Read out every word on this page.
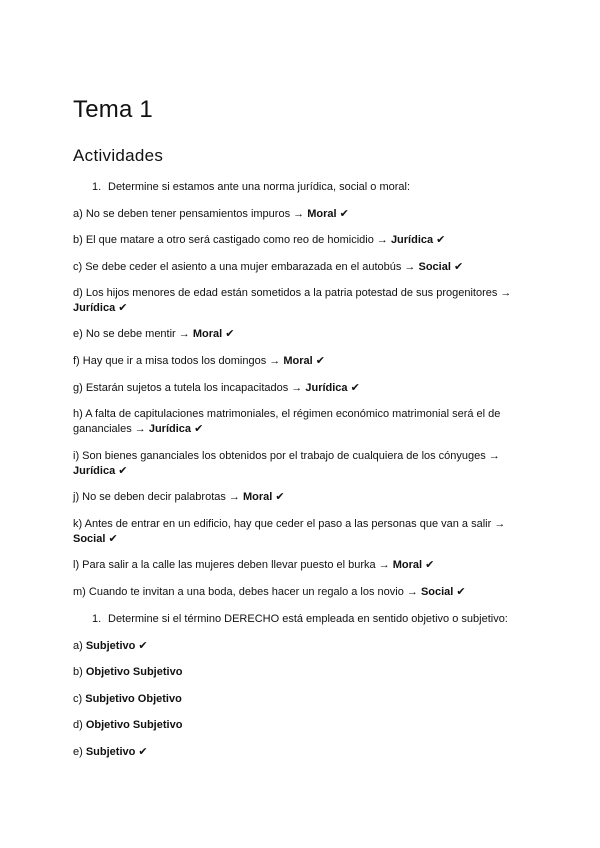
Tema 1
Actividades
1. Determine si estamos ante una norma jurídica, social o moral:
a) No se deben tener pensamientos impuros → Moral ✔
b) El que matare a otro será castigado como reo de homicidio → Jurídica ✔
c) Se debe ceder el asiento a una mujer embarazada en el autobús → Social ✔
d) Los hijos menores de edad están sometidos a la patria potestad de sus progenitores → Jurídica ✔
e) No se debe mentir → Moral ✔
f) Hay que ir a misa todos los domingos → Moral ✔
g) Estarán sujetos a tutela los incapacitados → Jurídica ✔
h) A falta de capitulaciones matrimoniales, el régimen económico matrimonial será el de gananciales → Jurídica ✔
i) Son bienes gananciales los obtenidos por el trabajo de cualquiera de los cónyuges → Jurídica ✔
j) No se deben decir palabrotas → Moral ✔
k) Antes de entrar en un edificio, hay que ceder el paso a las personas que van a salir → Social ✔
l) Para salir a la calle las mujeres deben llevar puesto el burka → Moral ✔
m) Cuando te invitan a una boda, debes hacer un regalo a los novio → Social ✔
1. Determine si el término DERECHO está empleada en sentido objetivo o subjetivo:
a) Subjetivo ✔
b) Objetivo Subjetivo
c) Subjetivo Objetivo
d) Objetivo Subjetivo
e) Subjetivo ✔
